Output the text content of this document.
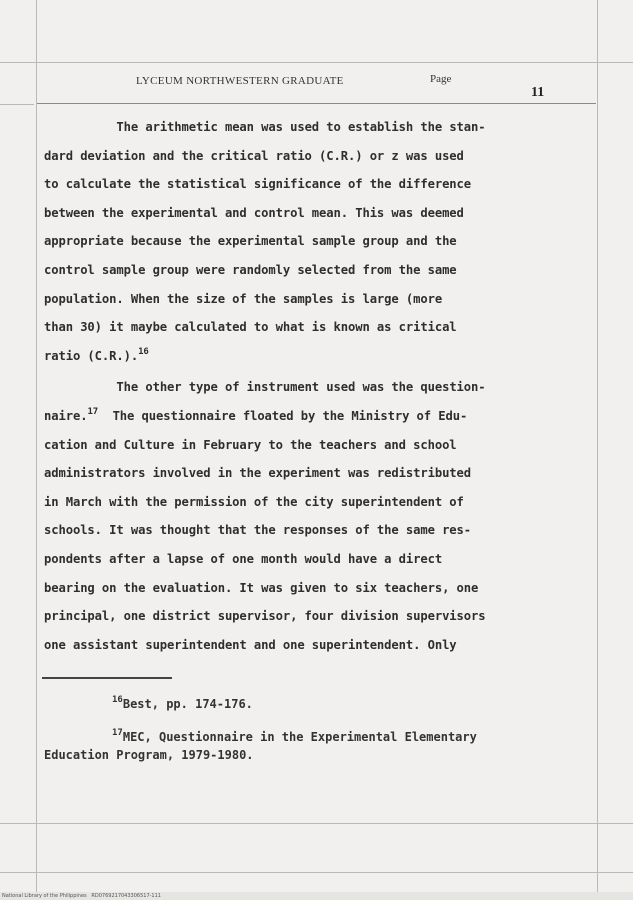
LYCEUM NORTHWESTERN GRADUATE	Page
11
The arithmetic mean was used to establish the stan-
dard deviation and the critical ratio (C.R.) or z was used
to calculate the statistical significance of the difference
between the experimental and control mean. This was deemed
appropriate because the experimental sample group and the
control sample group were randomly selected from the same
population. When the size of the samples is large (more
than 30) it maybe calculated to what is known as critical
ratio (C.R.).$^{16}$
The other type of instrument used was the question-
naire.$^{17}$ The questionnaire floated by the Ministry of Edu-
cation and Culture in February to the teachers and school
administrators involved in the experiment was redistributed
in March with the permission of the city superintendent of
schools. It was thought that the responses of the same res-
pondents after a lapse of one month would have a direct
bearing on the evaluation. It was given to six teachers, one
principal, one district supervisor, four division supervisors
one assistant superintendent and one superintendent. Only
$^{16}$Best, pp. 174-176.
$^{17}$MEC, Questionnaire in the Experimental Elementary
Education Program, 1979-1980.
National Library of the Philippines   RD0769217043306517-111
